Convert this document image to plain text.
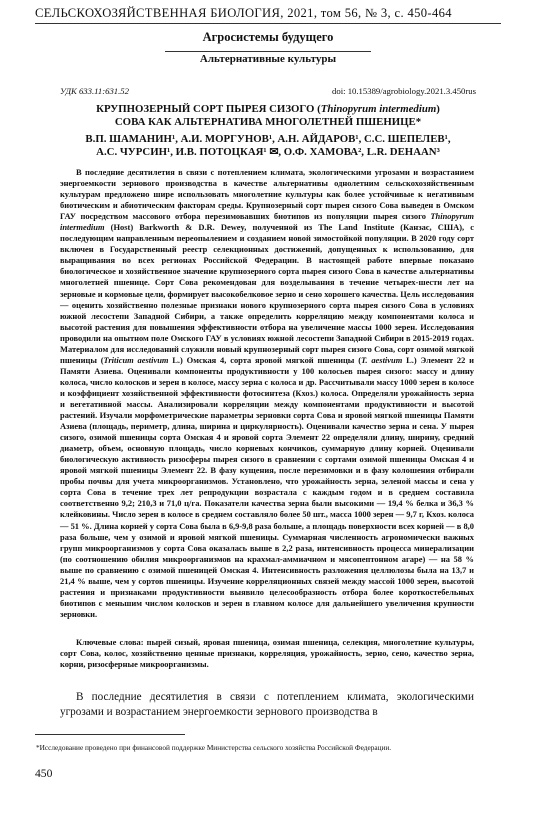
СЕЛЬСКОХОЗЯЙСТВЕННАЯ БИОЛОГИЯ, 2021, том 56, № 3, с. 450-464
Агросистемы будущего
Альтернативные культуры
УДК 633.11:631.52	doi: 10.15389/agrobiology.2021.3.450rus
КРУПНОЗЕРНЫЙ СОРТ ПЫРЕЯ СИЗОГО (Thinopyrum intermedium)
СОВА КАК АЛЬТЕРНАТИВА МНОГОЛЕТНЕЙ ПШЕНИЦЕ*
В.П. ШАМАНИН¹, А.И. МОРГУНОВ¹, А.Н. АЙДАРОВ¹, С.С. ШЕПЕЛЕВ¹,
А.С. ЧУРСИН¹, И.В. ПОТОЦКАЯ¹ ✉, О.Ф. ХАМОВА², L.R. DEHAAN³
В последние десятилетия в связи с потеплением климата, экологическими угрозами и возрастанием энергоемкости зернового производства в качестве альтернативы однолетним сельскохозяйственным культурам предложено шире использовать многолетние культуры как более устойчивые к негативным биотическим и абиотическим факторам среды. Крупнозерный сорт пырея сизого Сова выведен в Омском ГАУ посредством массового отбора перезимовавших биотипов из популяции пырея сизого Thinopyrum intermedium (Host) Barkworth & D.R. Dewey, полученной из The Land Institute (Канзас, США), с последующим направленным переопылением и созданием новой зимостойкой популяции. В 2020 году сорт включен в Государственный реестр селекционных достижений, допущенных к использованию, для выращивания во всех регионах Российской Федерации. В настоящей работе впервые показано биологическое и хозяйственное значение крупнозерного сорта пырея сизого Сова в качестве альтернативы многолетней пшенице. Сорт Сова рекомендован для возделывания в течение четырех-шести лет на зерновые и кормовые цели, формирует высокобелковое зерно и сено хорошего качества. Цель исследования — оценить хозяйственно полезные признаки нового крупнозерного сорта пырея сизого Сова в условиях южной лесостепи Западной Сибири, а также определить корреляцию между компонентами колоса и высотой растения для повышения эффективности отбора на увеличение массы 1000 зерен. Исследования проводили на опытном поле Омского ГАУ в условиях южной лесостепи Западной Сибири в 2015-2019 годах. Материалом для исследований служили новый крупнозерный сорт пырея сизого Сова, сорт озимой мягкой пшеницы (Triticum aestivum L.) Омская 4, сорта яровой мягкой пшеницы (T. aestivum L.) Элемент 22 и Памяти Азиева. Оценивали компоненты продуктивности у 100 колосьев пырея сизого: массу и длину колоса, число колосков и зерен в колосе, массу зерна с колоса и др. Рассчитывали массу 1000 зерен в колосе и коэффициент хозяйственной эффективности фотосинтеза (Кхоз.) колоса. Определяли урожайность зерна и вегетативной массы. Анализировали корреляции между компонентами продуктивности и высотой растений. Изучали морфометрические параметры зерновки сорта Сова и яровой мягкой пшеницы Памяти Азиева (площадь, периметр, длина, ширина и циркулярность). Оценивали качество зерна и сена. У пырея сизого, озимой пшеницы сорта Омская 4 и яровой сорта Элемент 22 определяли длину, ширину, средний диаметр, объем, основную площадь, число корневых кончиков, суммарную длину корней. Оценивали биологическую активность ризосферы пырея сизого в сравнении с сортами озимой пшеницы Омская 4 и яровой мягкой пшеницы Элемент 22. В фазу кущения, после перезимовки и в фазу колошения отбирали пробы почвы для учета микроорганизмов. Установлено, что урожайность зерна, зеленой массы и сена у сорта Сова в течение трех лет репродукции возрастала с каждым годом и в среднем составила соответственно 9,2; 210,3 и 71,0 ц/га. Показатели качества зерна были высокими — 19,4 % белка и 36,3 % клейковины. Число зерен в колосе в среднем составляло более 50 шт., масса 1000 зерен — 9,7 г, Кхоз. колоса — 51 %. Длина корней у сорта Сова была в 6,9-9,8 раза больше, а площадь поверхности всех корней — в 8,0 раза больше, чем у озимой и яровой мягкой пшеницы. Суммарная численность агрономически важных групп микроорганизмов у сорта Сова оказалась выше в 2,2 раза, интенсивность процесса минерализации (по соотношению обилия микроорганизмов на крахмал-аммиачном и мясопептонном агаре) — на 58 % выше по сравнению с озимой пшеницей Омская 4. Интенсивность разложения целлюлозы была на 13,7 и 21,4 % выше, чем у сортов пшеницы. Изучение корреляционных связей между массой 1000 зерен, высотой растения и признаками продуктивности выявило целесообразность отбора более короткостебельных биотипов с меньшим числом колосков и зерен в главном колосе для дальнейшего увеличения крупности зерновки.
Ключевые слова: пырей сизый, яровая пшеница, озимая пшеница, селекция, многолетние культуры, сорт Сова, колос, хозяйственно ценные признаки, корреляция, урожайность, зерно, сено, качество зерна, корни, ризосферные микроорганизмы.
В последние десятилетия в связи с потеплением климата, экологическими угрозами и возрастанием энергоемкости зернового производства в
*Исследование проведено при финансовой поддержке Министерства сельского хозяйства Российской Федерации.
450
